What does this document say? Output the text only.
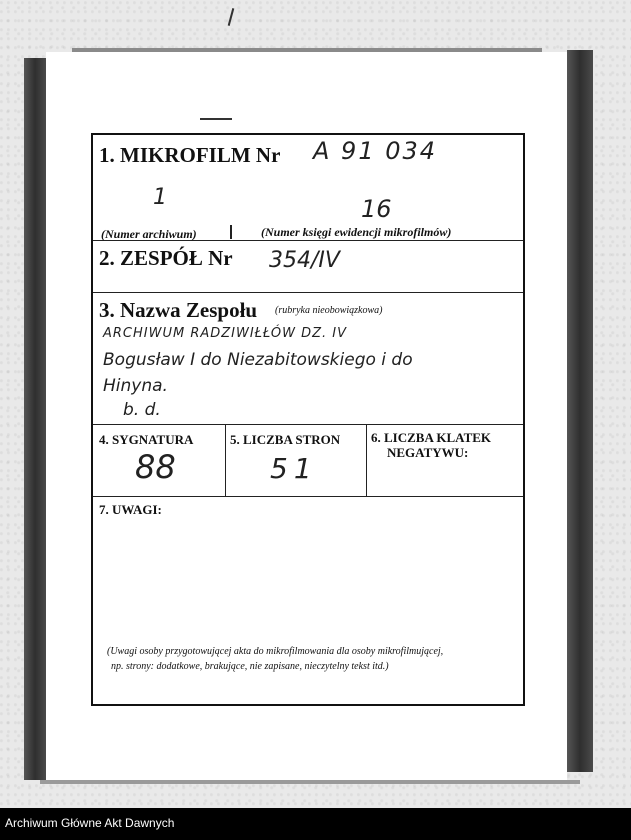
1. MIKROFILM Nr A 91 034
1	16
(Numer archiwum)	(Numer księgi ewidencji mikrofilmów)
2. ZESPÓŁ Nr 354/IV
3. Nazwa Zespołu (rubryka nieobowiązkowa)
ARCHIWUM RADZIWIŁŁÓW DZ. IV
Bogusław I do Niezabitowskiego i do
Hinyna.
b. d.
4. SYGNATURA
88
5. LICZBA STRON
51
6. LICZBA KLATEK
NEGATYWU:
7. UWAGI:
(Uwagi osoby przygotowującej akta do mikrofilmowania dla osoby mikrofilmującej,
np. strony: dodatkowe, brakujące, nie zapisane, nieczytelny tekst itd.)
Archiwum Główne Akt Dawnych
